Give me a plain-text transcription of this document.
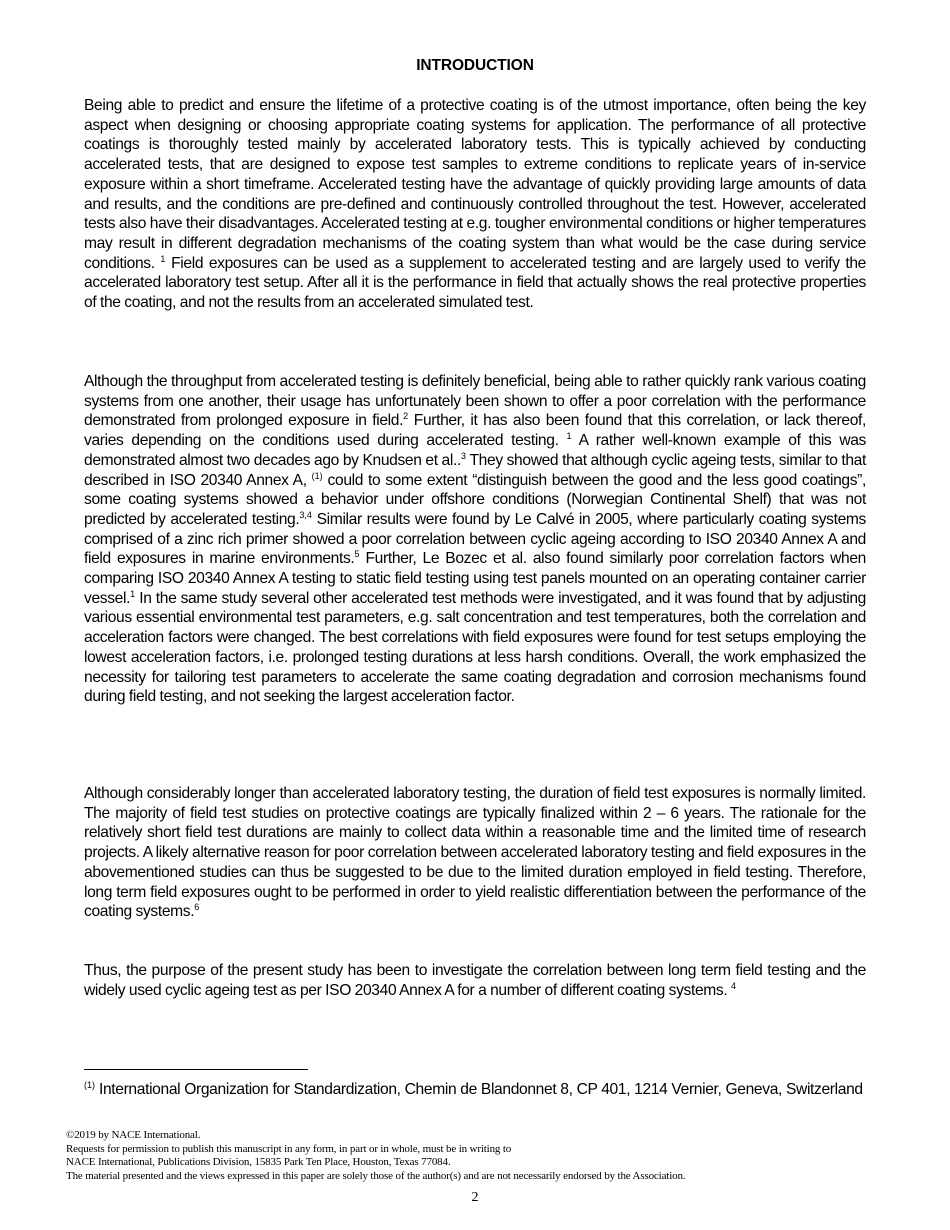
INTRODUCTION

Being able to predict and ensure the lifetime of a protective coating is of the utmost importance, often being the key aspect when designing or choosing appropriate coating systems for application. The performance of all protective coatings is thoroughly tested mainly by accelerated laboratory tests. This is typically achieved by conducting accelerated tests, that are designed to expose test samples to extreme conditions to replicate years of in-service exposure within a short timeframe. Accelerated testing have the advantage of quickly providing large amounts of data and results, and the conditions are pre-defined and continuously controlled throughout the test. However, accelerated tests also have their disadvantages. Accelerated testing at e.g. tougher environmental conditions or higher temperatures may result in different degradation mechanisms of the coating system than what would be the case during service conditions. $^1$ Field exposures can be used as a supplement to accelerated testing and are largely used to verify the accelerated laboratory test setup. After all it is the performance in field that actually shows the real protective properties of the coating, and not the results from an accelerated simulated test.

Although the throughput from accelerated testing is definitely beneficial, being able to rather quickly rank various coating systems from one another, their usage has unfortunately been shown to offer a poor correlation with the performance demonstrated from prolonged exposure in field.$^2$ Further, it has also been found that this correlation, or lack thereof, varies depending on the conditions used during accelerated testing. $^1$ A rather well-known example of this was demonstrated almost two decades ago by Knudsen et al..$^3$ They showed that although cyclic ageing tests, similar to that described in ISO 20340 Annex A, $^{(1)}$ could to some extent “distinguish between the good and the less good coatings”, some coating systems showed a behavior under offshore conditions (Norwegian Continental Shelf) that was not predicted by accelerated testing.$^{3,4}$ Similar results were found by Le Calvé in 2005, where particularly coating systems comprised of a zinc rich primer showed a poor correlation between cyclic ageing according to ISO 20340 Annex A and field exposures in marine environments.$^5$ Further, Le Bozec et al. also found similarly poor correlation factors when comparing ISO 20340 Annex A testing to static field testing using test panels mounted on an operating container carrier vessel.$^1$ In the same study several other accelerated test methods were investigated, and it was found that by adjusting various essential environmental test parameters, e.g. salt concentration and test temperatures, both the correlation and acceleration factors were changed. The best correlations with field exposures were found for test setups employing the lowest acceleration factors, i.e. prolonged testing durations at less harsh conditions. Overall, the work emphasized the necessity for tailoring test parameters to accelerate the same coating degradation and corrosion mechanisms found during field testing, and not seeking the largest acceleration factor.

Although considerably longer than accelerated laboratory testing, the duration of field test exposures is normally limited. The majority of field test studies on protective coatings are typically finalized within 2 – 6 years. The rationale for the relatively short field test durations are mainly to collect data within a reasonable time and the limited time of research projects. A likely alternative reason for poor correlation between accelerated laboratory testing and field exposures in the abovementioned studies can thus be suggested to be due to the limited duration employed in field testing. Therefore, long term field exposures ought to be performed in order to yield realistic differentiation between the performance of the coating systems.$^6$

Thus, the purpose of the present study has been to investigate the correlation between long term field testing and the widely used cyclic ageing test as per ISO 20340 Annex A for a number of different coating systems. $^4$

$^{(1)}$ International Organization for Standardization, Chemin de Blandonnet 8, CP 401, 1214 Vernier, Geneva, Switzerland
©2019 by NACE International.
Requests for permission to publish this manuscript in any form, in part or in whole, must be in writing to
NACE International, Publications Division, 15835 Park Ten Place, Houston, Texas 77084.
The material presented and the views expressed in this paper are solely those of the author(s) and are not necessarily endorsed by the Association.
2
